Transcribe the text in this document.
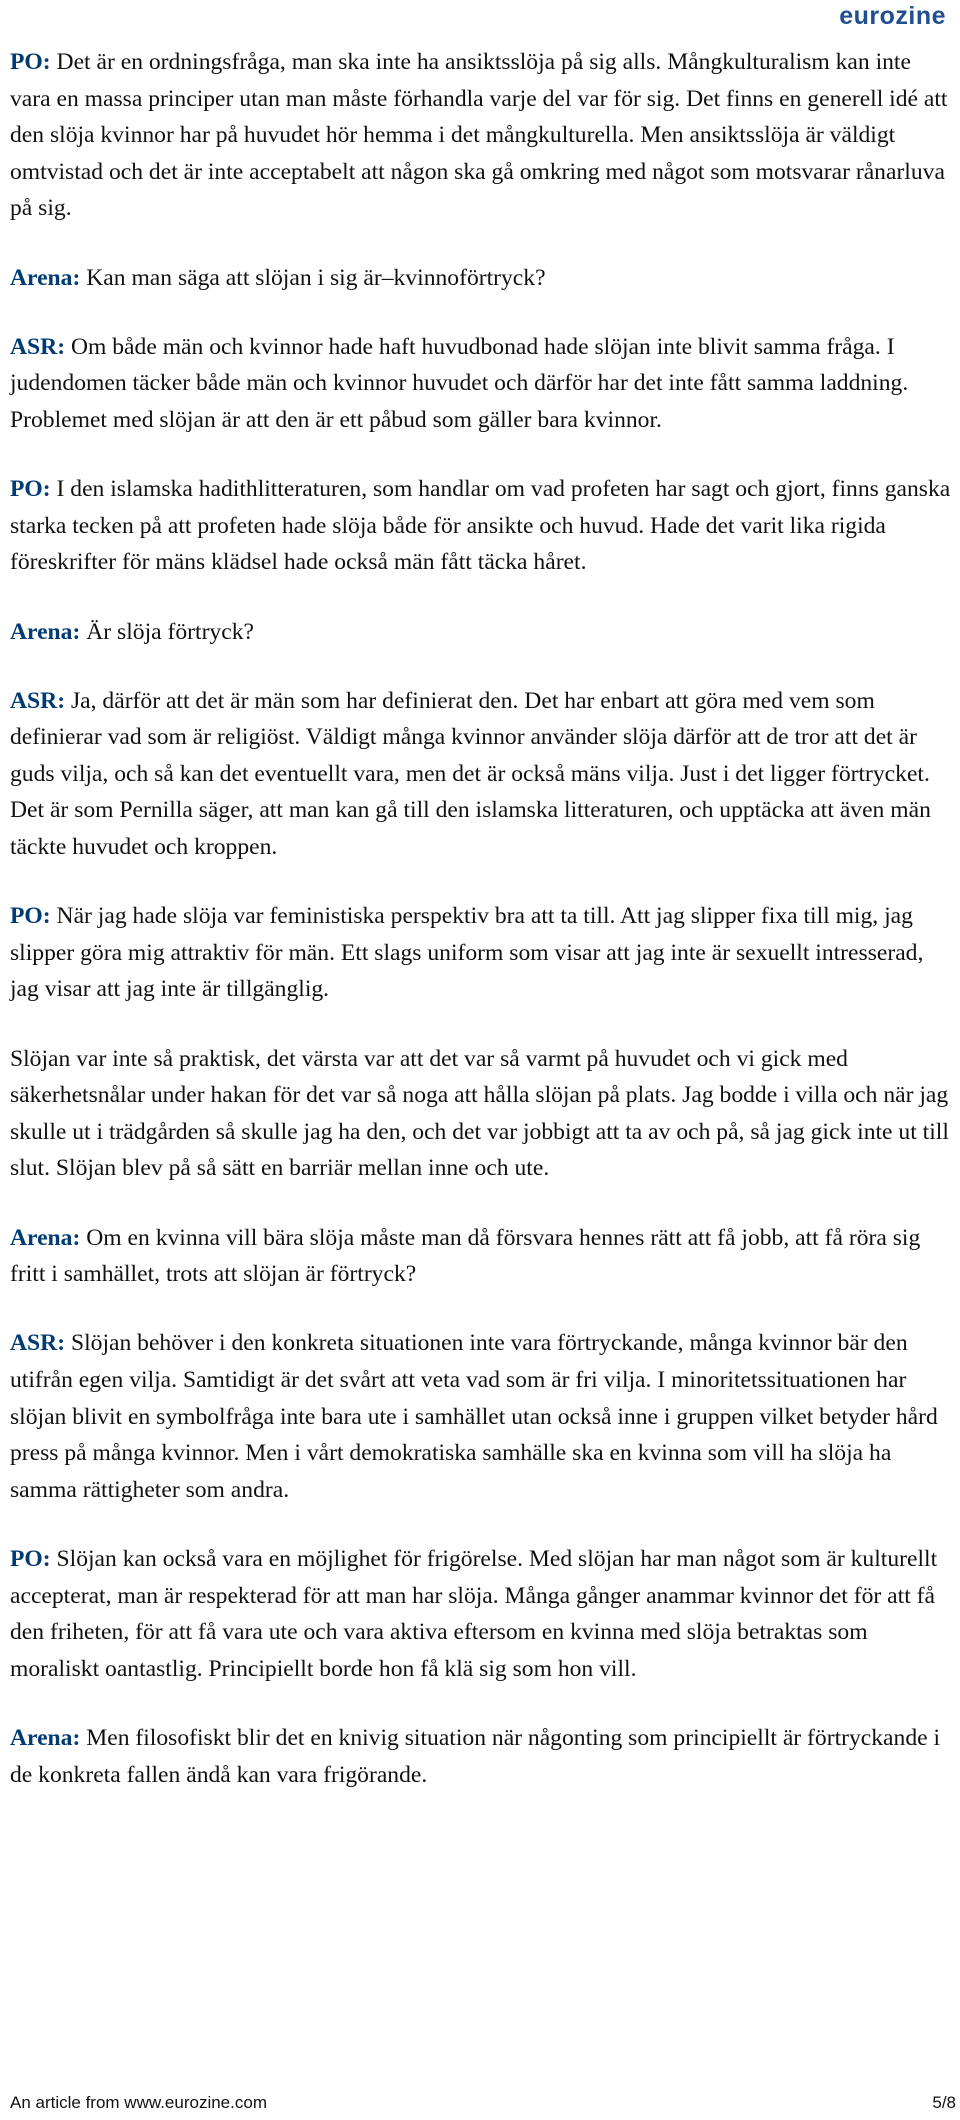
eurozine

PO: Det är en ordningsfråga, man ska inte ha ansiktsslöja på sig alls. Mångkulturalism kan inte vara en massa principer utan man måste förhandla varje del var för sig. Det finns en generell idé att den slöja kvinnor har på huvudet hör hemma i det mångkulturella. Men ansiktsslöja är väldigt omtvistad och det är inte acceptabelt att någon ska gå omkring med något som motsvarar rånarluva på sig.

Arena: Kan man säga att slöjan i sig är–kvinnoförtryck?

ASR: Om både män och kvinnor hade haft huvudbonad hade slöjan inte blivit samma fråga. I judendomen täcker både män och kvinnor huvudet och därför har det inte fått samma laddning. Problemet med slöjan är att den är ett påbud som gäller bara kvinnor.

PO: I den islamska hadithlitteraturen, som handlar om vad profeten har sagt och gjort, finns ganska starka tecken på att profeten hade slöja både för ansikte och huvud. Hade det varit lika rigida föreskrifter för mäns klädsel hade också män fått täcka håret.

Arena: Är slöja förtryck?

ASR: Ja, därför att det är män som har definierat den. Det har enbart att göra med vem som definierar vad som är religiöst. Väldigt många kvinnor använder slöja därför att de tror att det är guds vilja, och så kan det eventuellt vara, men det är också mäns vilja. Just i det ligger förtrycket. Det är som Pernilla säger, att man kan gå till den islamska litteraturen, och upptäcka att även män täckte huvudet och kroppen.

PO: När jag hade slöja var feministiska perspektiv bra att ta till. Att jag slipper fixa till mig, jag slipper göra mig attraktiv för män. Ett slags uniform som visar att jag inte är sexuellt intresserad, jag visar att jag inte är tillgänglig.

Slöjan var inte så praktisk, det värsta var att det var så varmt på huvudet och vi gick med säkerhetsnålar under hakan för det var så noga att hålla slöjan på plats. Jag bodde i villa och när jag skulle ut i trädgården så skulle jag ha den, och det var jobbigt att ta av och på, så jag gick inte ut till slut. Slöjan blev på så sätt en barriär mellan inne och ute.

Arena: Om en kvinna vill bära slöja måste man då försvara hennes rätt att få jobb, att få röra sig fritt i samhället, trots att slöjan är förtryck?

ASR: Slöjan behöver i den konkreta situationen inte vara förtryckande, många kvinnor bär den utifrån egen vilja. Samtidigt är det svårt att veta vad som är fri vilja. I minoritetssituationen har slöjan blivit en symbolfråga inte bara ute i samhället utan också inne i gruppen vilket betyder hård press på många kvinnor. Men i vårt demokratiska samhälle ska en kvinna som vill ha slöja ha samma rättigheter som andra.

PO: Slöjan kan också vara en möjlighet för frigörelse. Med slöjan har man något som är kulturellt accepterat, man är respekterad för att man har slöja. Många gånger anammar kvinnor det för att få den friheten, för att få vara ute och vara aktiva eftersom en kvinna med slöja betraktas som moraliskt oantastlig. Principiellt borde hon få klä sig som hon vill.

Arena: Men filosofiskt blir det en knivig situation när någonting som principiellt är förtryckande i de konkreta fallen ändå kan vara frigörande.

An article from www.eurozine.com	5/8
